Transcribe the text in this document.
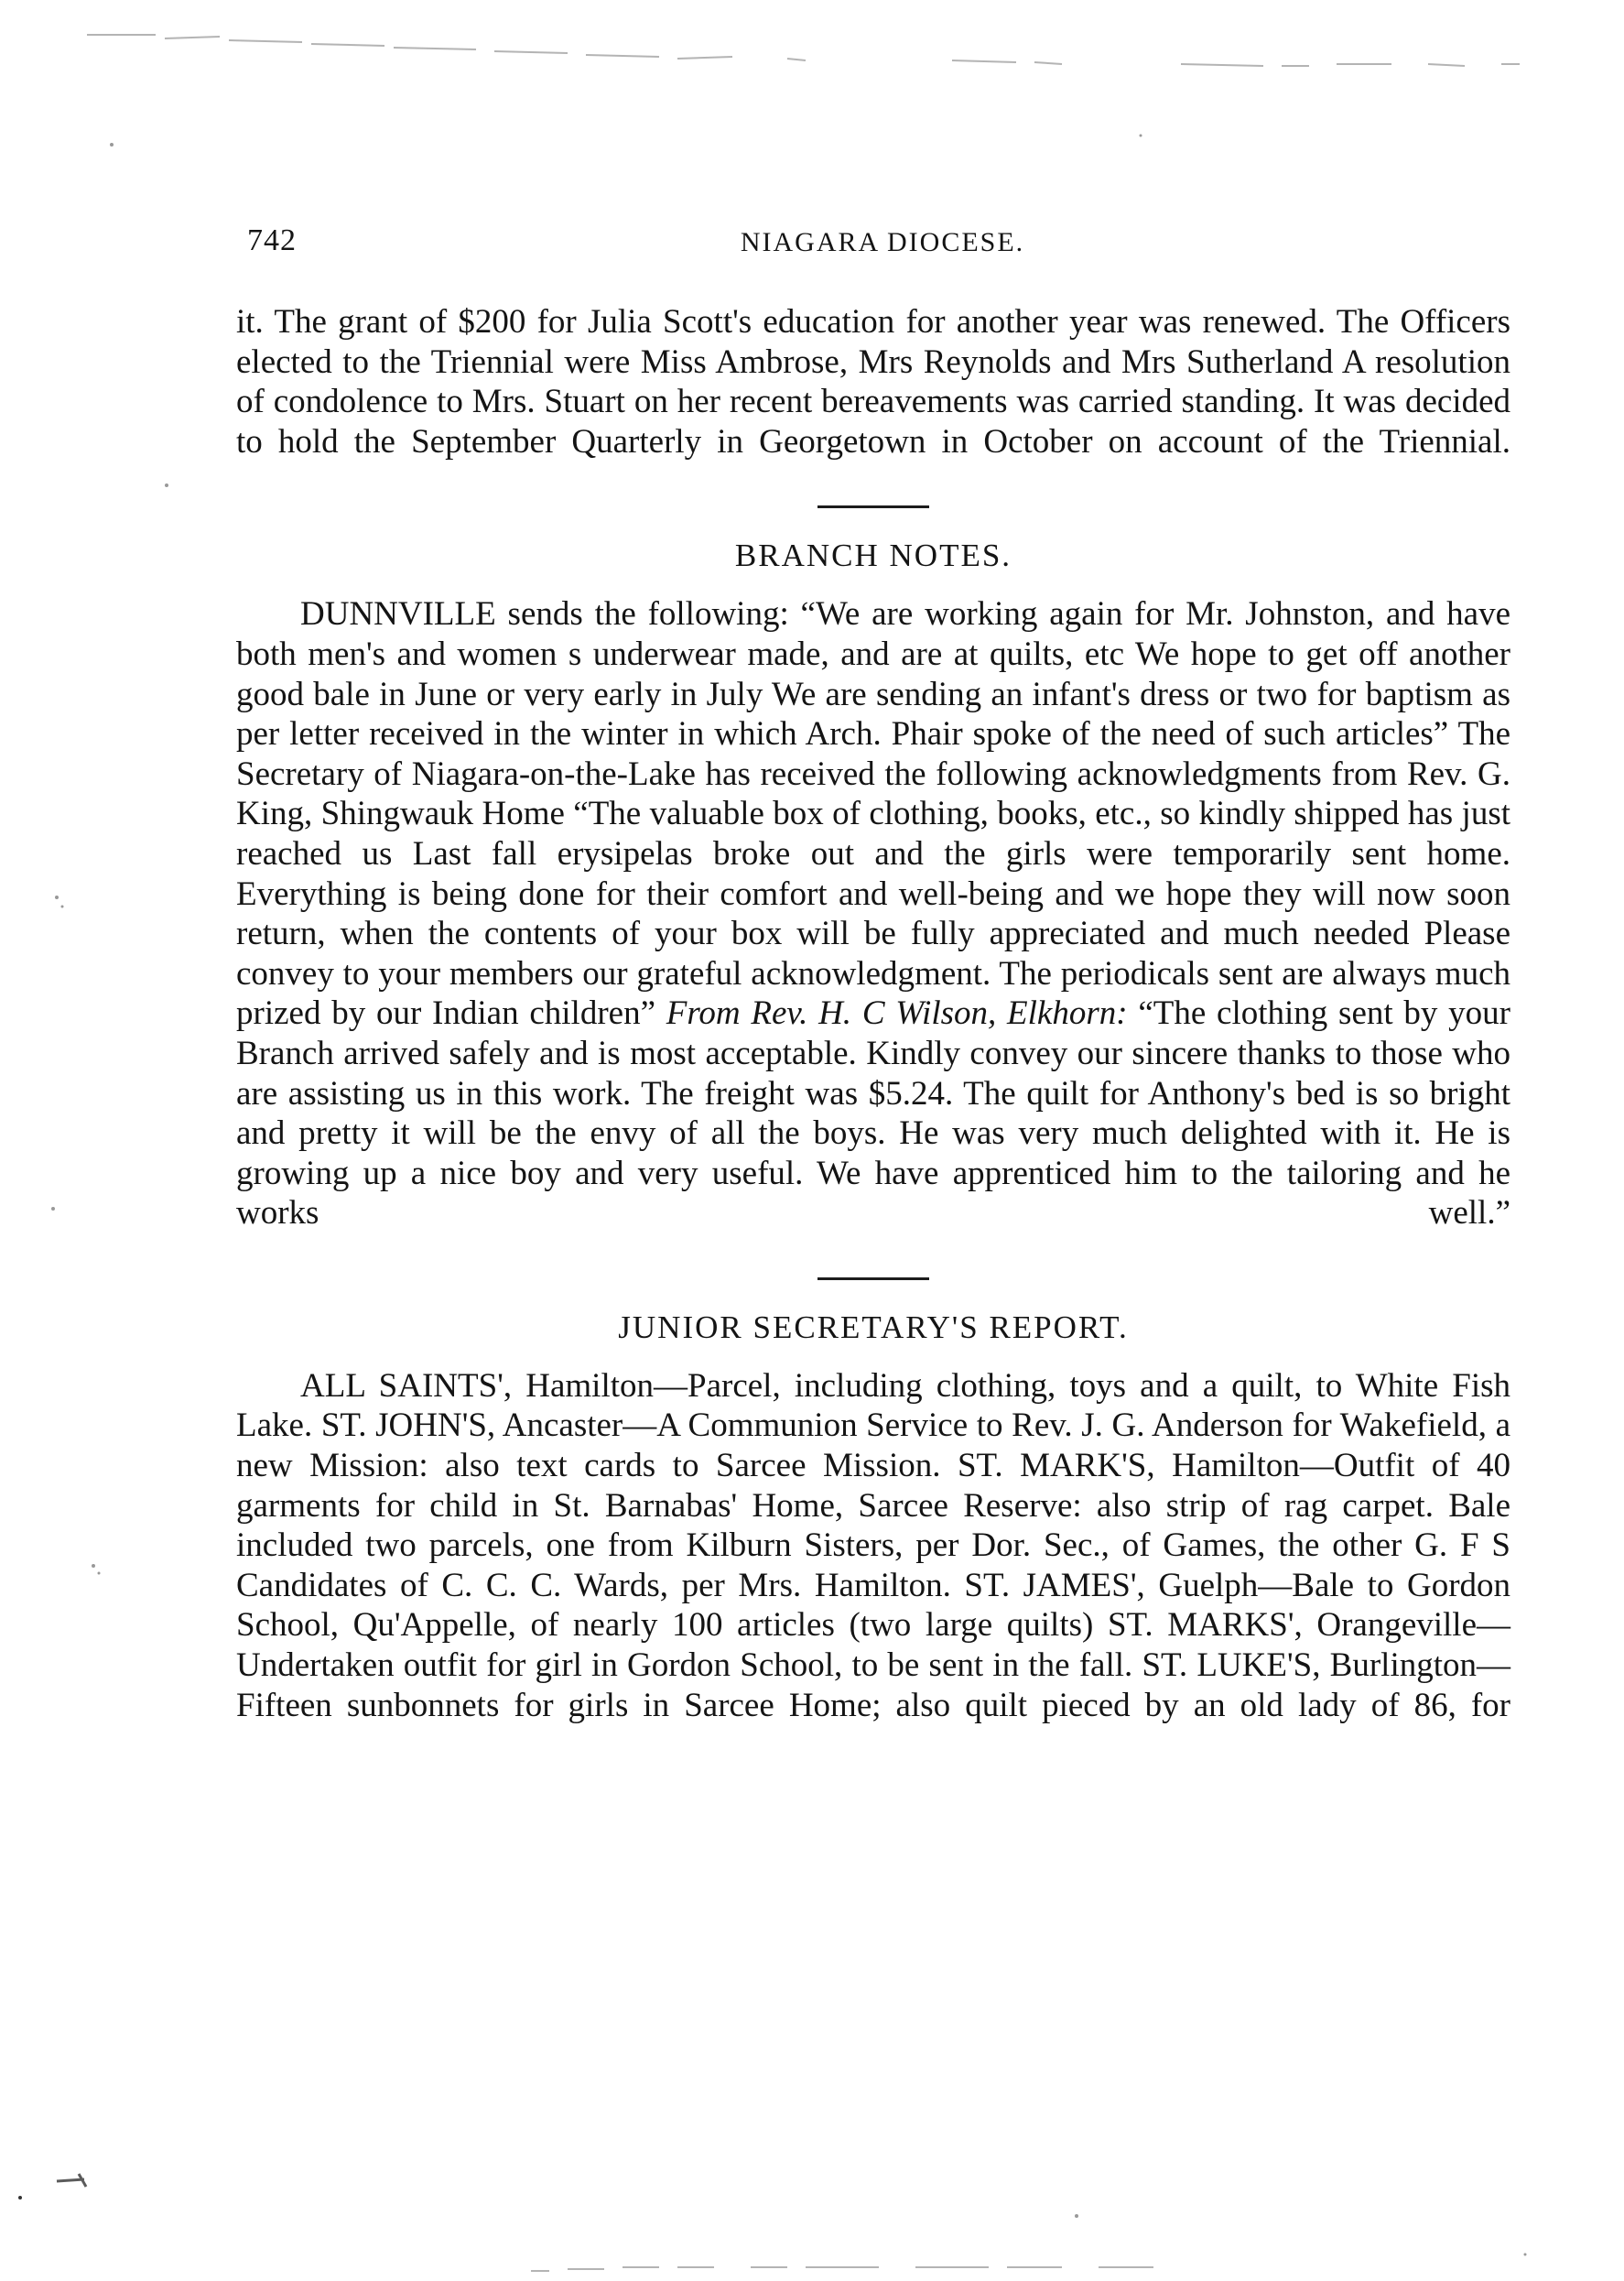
742	NIAGARA DIOCESE.

it. The grant of $200 for Julia Scott's education for another year was renewed. The Officers elected to the Triennial were Miss Ambrose, Mrs Reynolds and Mrs Sutherland A resolution of condolence to Mrs. Stuart on her recent bereavements was carried standing. It was decided to hold the September Quarterly in Georgetown in October on account of the Triennial.

BRANCH NOTES.

DUNNVILLE sends the following: “We are working again for Mr. Johnston, and have both men's and women s underwear made, and are at quilts, etc We hope to get off another good bale in June or very early in July We are sending an infant's dress or two for baptism as per letter received in the winter in which Arch. Phair spoke of the need of such articles” The Secretary of Niagara-on-the-Lake has received the following acknowledgments from Rev. G. King, Shingwauk Home “The valuable box of clothing, books, etc., so kindly shipped has just reached us Last fall erysipelas broke out and the girls were temporarily sent home. Everything is being done for their comfort and well-being and we hope they will now soon return, when the contents of your box will be fully appreciated and much needed Please convey to your members our grateful acknowledgment. The periodicals sent are always much prized by our Indian children” From Rev. H. C Wilson, Elkhorn: “The clothing sent by your Branch arrived safely and is most acceptable. Kindly convey our sincere thanks to those who are assisting us in this work. The freight was $5.24. The quilt for Anthony's bed is so bright and pretty it will be the envy of all the boys. He was very much delighted with it. He is growing up a nice boy and very useful. We have apprenticed him to the tailoring and he works well.”

JUNIOR SECRETARY'S REPORT.

ALL SAINTS', Hamilton—Parcel, including clothing, toys and a quilt, to White Fish Lake. ST. JOHN'S, Ancaster—A Communion Service to Rev. J. G. Anderson for Wakefield, a new Mission: also text cards to Sarcee Mission. ST. MARK'S, Hamilton—Outfit of 40 garments for child in St. Barnabas' Home, Sarcee Reserve: also strip of rag carpet. Bale included two parcels, one from Kilburn Sisters, per Dor. Sec., of Games, the other G. F S Candidates of C. C. C. Wards, per Mrs. Hamilton. ST. JAMES', Guelph—Bale to Gordon School, Qu'Appelle, of nearly 100 articles (two large quilts) ST. MARKS', Orangeville—Undertaken outfit for girl in Gordon School, to be sent in the fall. ST. LUKE'S, Burlington—Fifteen sunbonnets for girls in Sarcee Home; also quilt pieced by an old lady of 86, for
